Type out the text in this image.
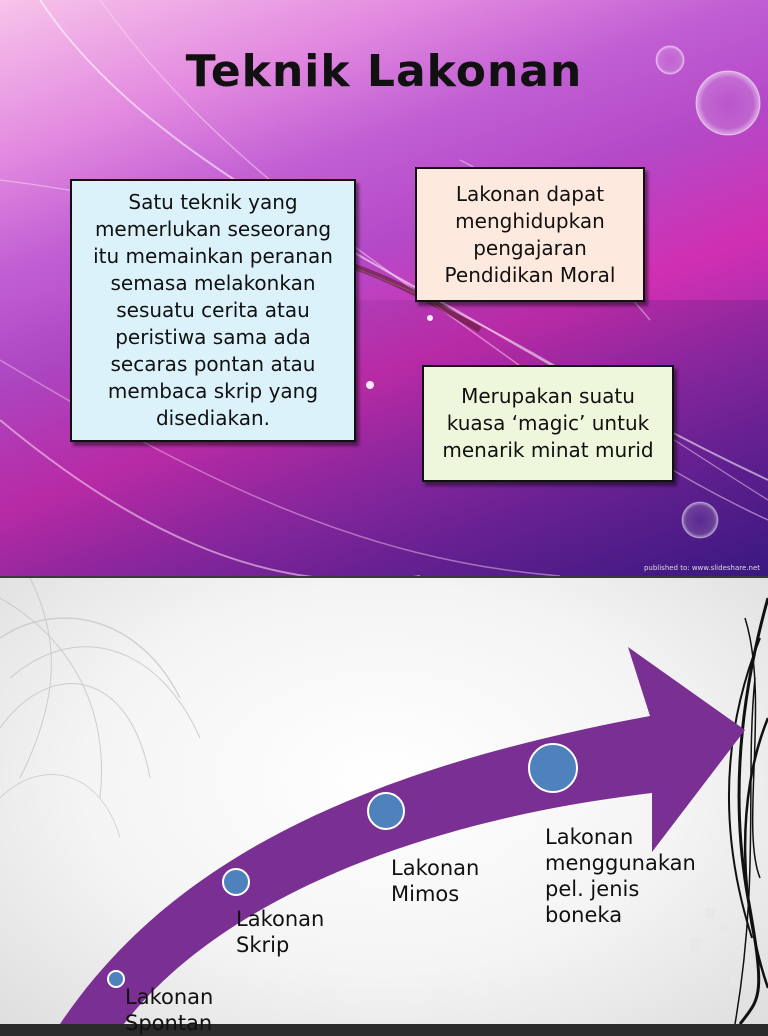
Teknik Lakonan
Satu teknik yang
memerlukan seseorang
itu memainkan peranan
semasa melakonkan
sesuatu cerita atau
peristiwa sama ada
secaras pontan atau
membaca skrip yang
disediakan.
Lakonan dapat
menghidupkan
pengajaran
Pendidikan Moral
Merupakan suatu
kuasa ‘magic’ untuk
menarik minat murid
published to: www.slideshare.net
Lakonan
Spontan
Lakonan
Skrip
Lakonan
Mimos
Lakonan
menggunakan
pel. jenis
boneka
